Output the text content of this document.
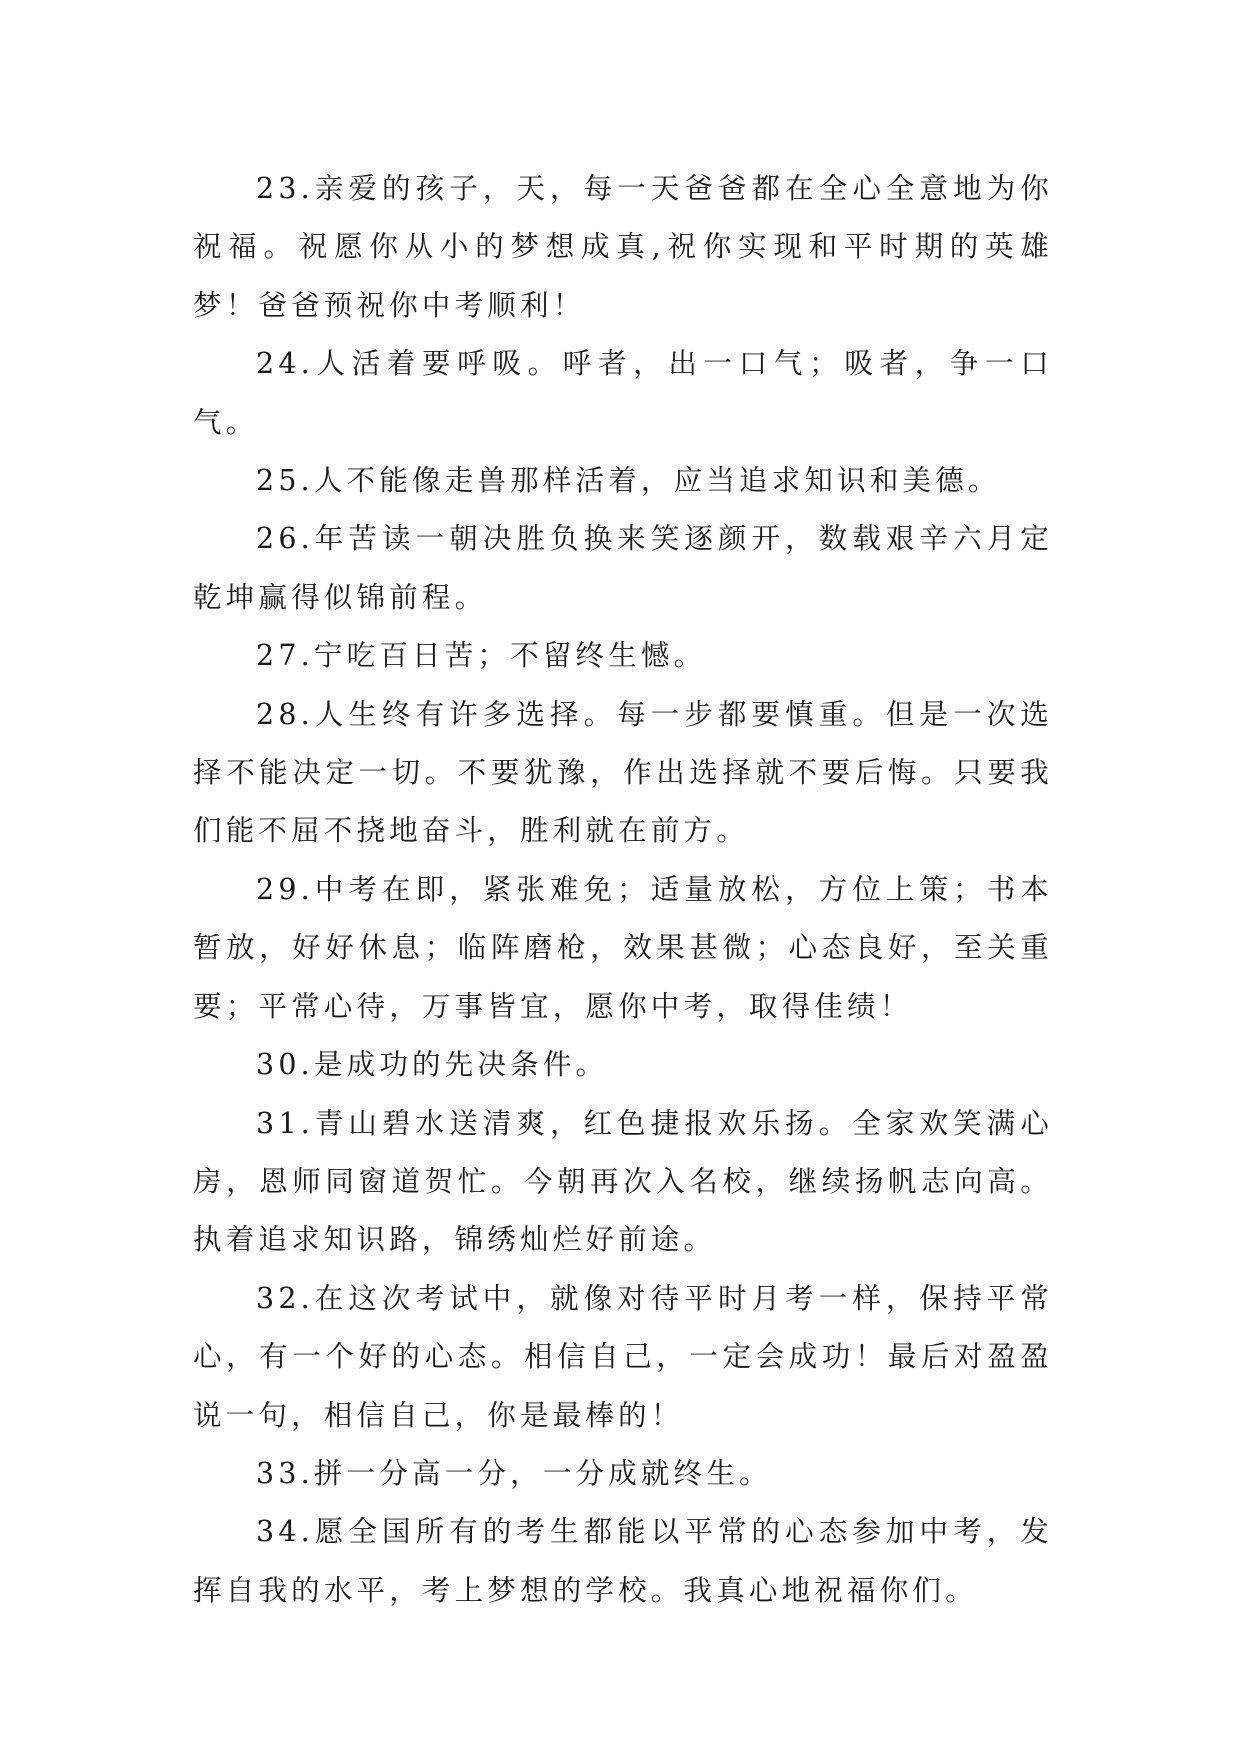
23.亲爱的孩子，天，每一天爸爸都在全心全意地为你祝福。祝愿你从小的梦想成真,祝你实现和平时期的英雄梦！爸爸预祝你中考顺利！

24.人活着要呼吸。呼者，出一口气；吸者，争一口气。

25.人不能像走兽那样活着，应当追求知识和美德。

26.年苦读一朝决胜负换来笑逐颜开，数载艰辛六月定乾坤赢得似锦前程。

27.宁吃百日苦；不留终生憾。

28.人生终有许多选择。每一步都要慎重。但是一次选择不能决定一切。不要犹豫，作出选择就不要后悔。只要我们能不屈不挠地奋斗，胜利就在前方。

29.中考在即，紧张难免；适量放松，方位上策；书本暂放，好好休息；临阵磨枪，效果甚微；心态良好，至关重要；平常心待，万事皆宜，愿你中考，取得佳绩！

30.是成功的先决条件。

31.青山碧水送清爽，红色捷报欢乐扬。全家欢笑满心房，恩师同窗道贺忙。今朝再次入名校，继续扬帆志向高。执着追求知识路，锦绣灿烂好前途。

32.在这次考试中，就像对待平时月考一样，保持平常心，有一个好的心态。相信自己，一定会成功！最后对盈盈说一句，相信自己，你是最棒的！

33.拼一分高一分，一分成就终生。

34.愿全国所有的考生都能以平常的心态参加中考，发挥自我的水平，考上梦想的学校。我真心地祝福你们。
